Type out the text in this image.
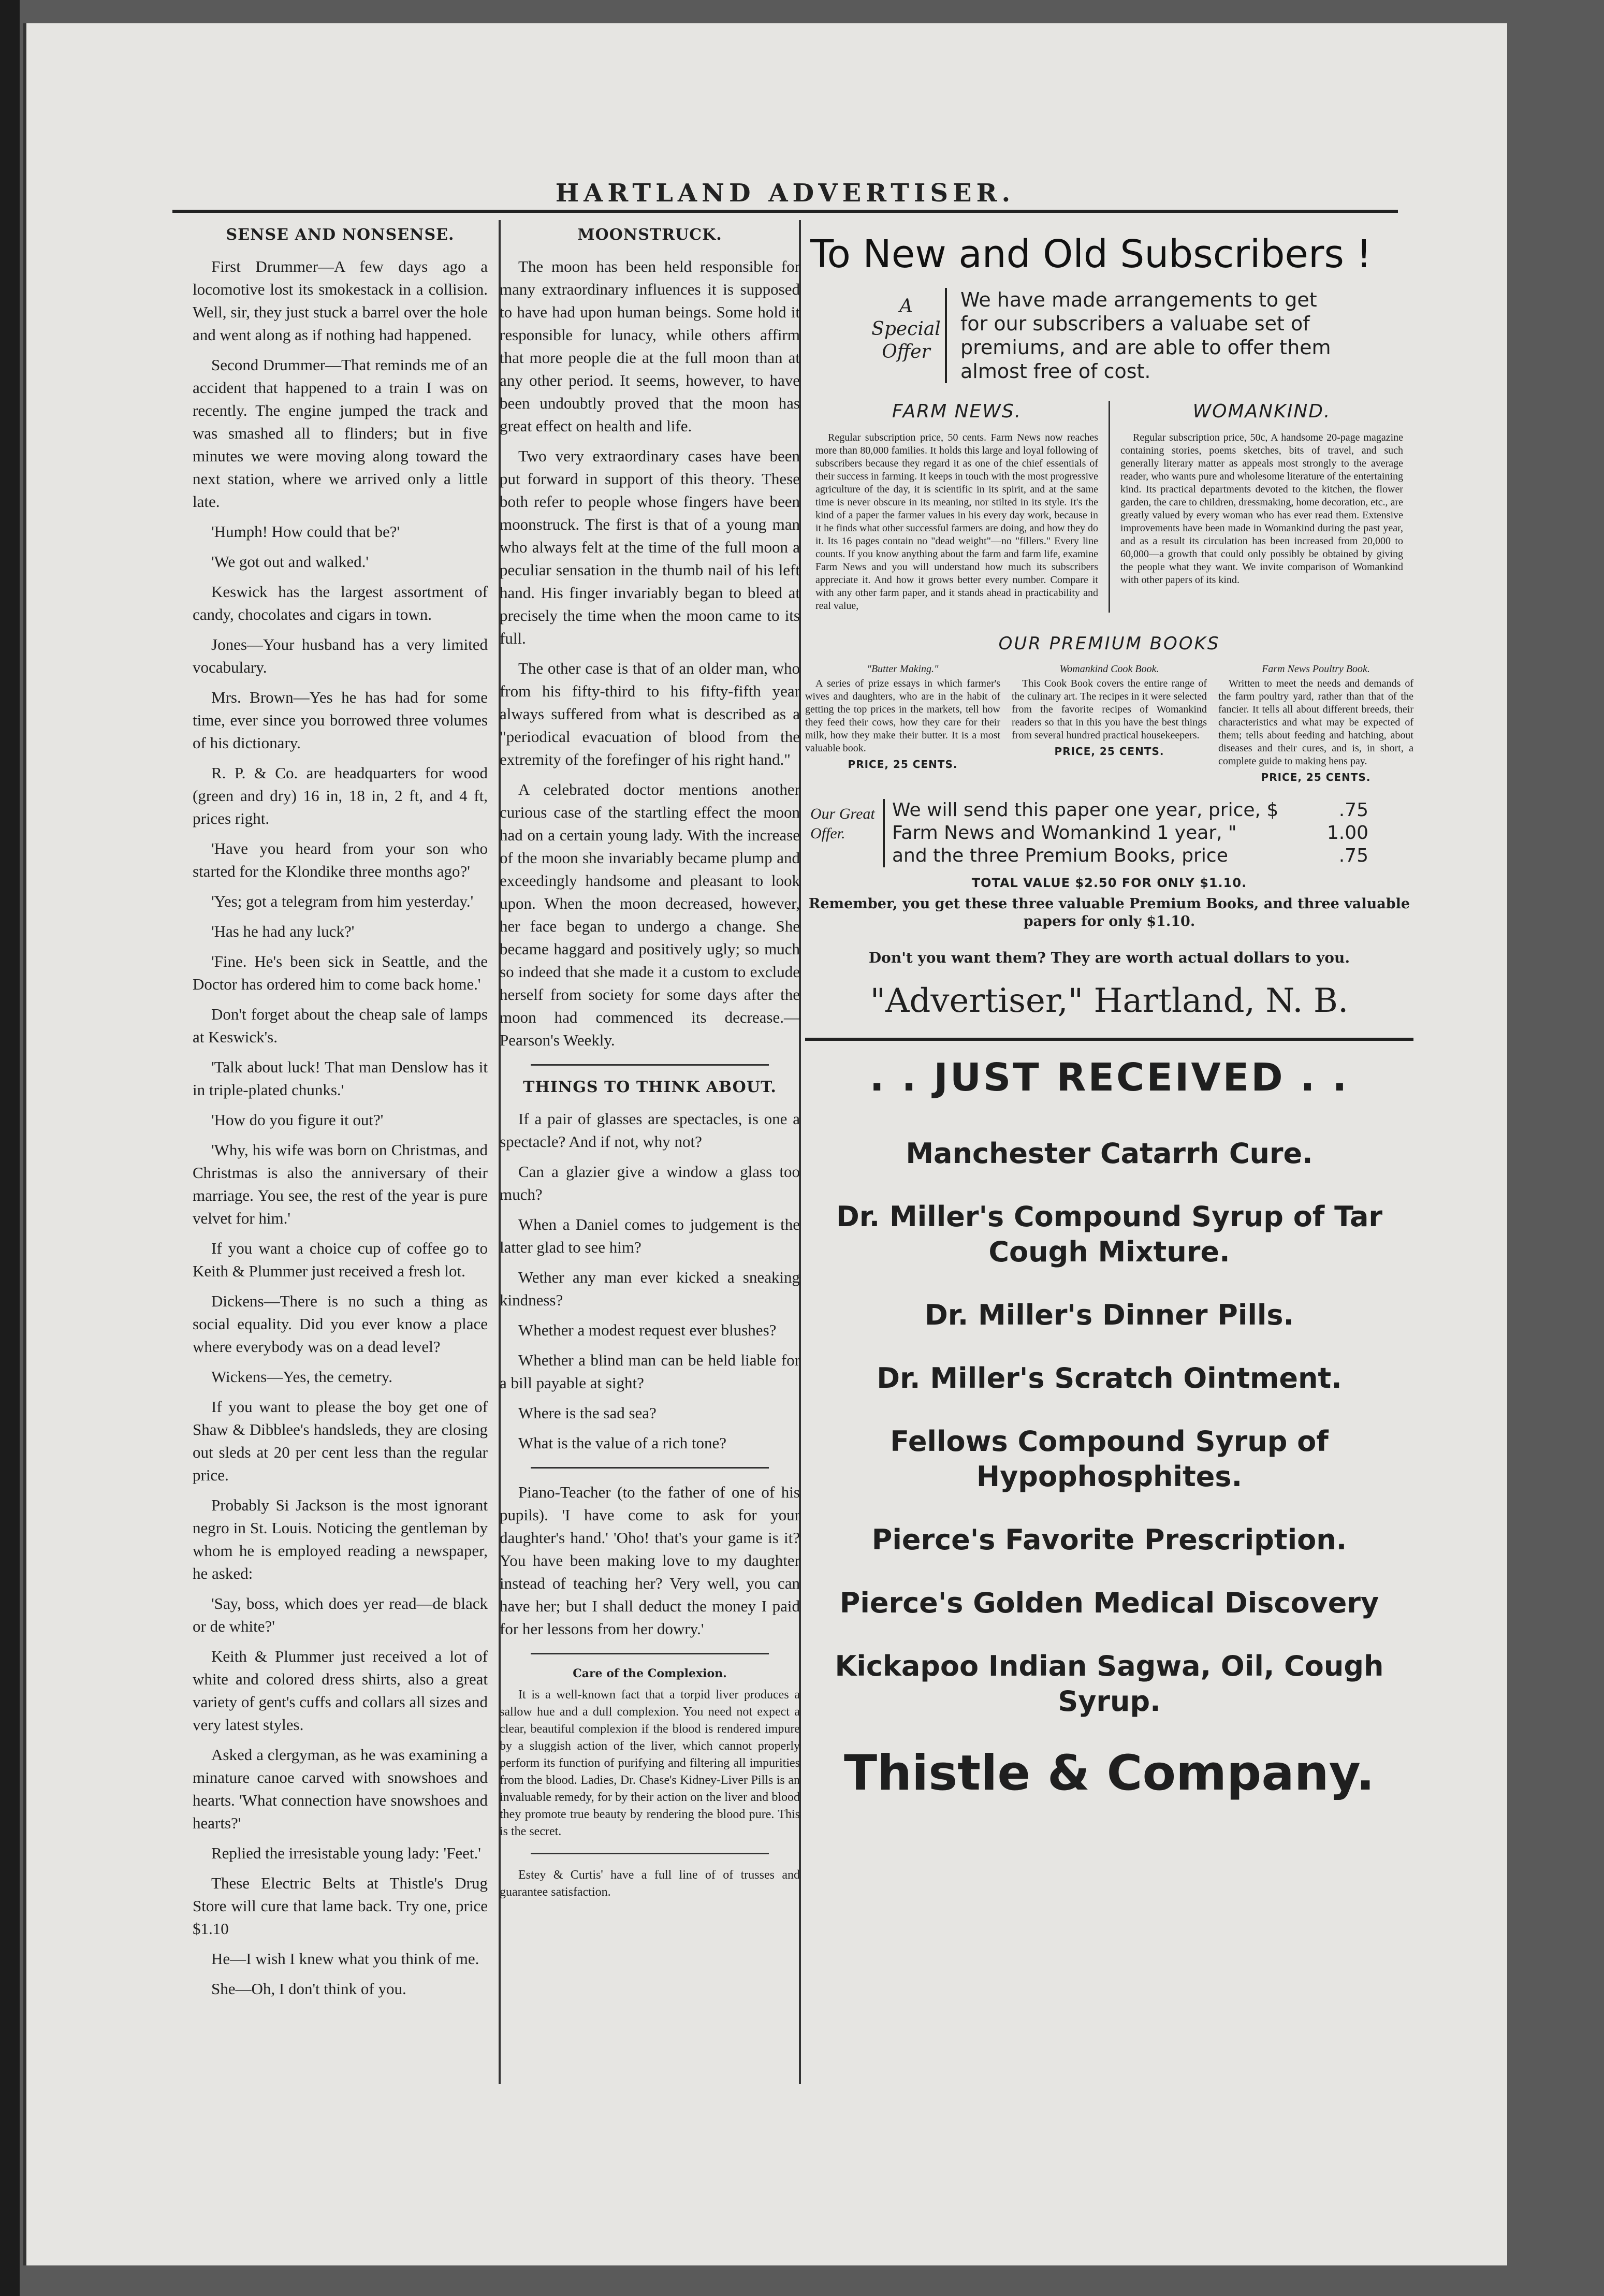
HARTLAND ADVERTISER.
SENSE AND NONSENSE.

First Drummer—A few days ago a locomotive lost its smokestack in a collision. Well, sir, they just stuck a barrel over the hole and went along as if nothing had happened.

Second Drummer—That reminds me of an accident that happened to a train I was on recently. The engine jumped the track and was smashed all to flinders; but in five minutes we were moving along toward the next station, where we arrived only a little late.

'Humph! How could that be?'

'We got out and walked.'

Keswick has the largest assortment of candy, chocolates and cigars in town.

Jones—Your husband has a very limited vocabulary.

Mrs. Brown—Yes he has had for some time, ever since you borrowed three volumes of his dictionary.

R. P. & Co. are headquarters for wood (green and dry) 16 in, 18 in, 2 ft, and 4 ft, prices right.

'Have you heard from your son who started for the Klondike three months ago?'

'Yes; got a telegram from him yesterday.'

'Has he had any luck?'

'Fine. He's been sick in Seattle, and the Doctor has ordered him to come back home.'

Don't forget about the cheap sale of lamps at Keswick's.

'Talk about luck! That man Denslow has it in triple-plated chunks.'

'How do you figure it out?'

'Why, his wife was born on Christmas, and Christmas is also the anniversary of their marriage. You see, the rest of the year is pure velvet for him.'

If you want a choice cup of coffee go to Keith & Plummer just received a fresh lot.

Dickens—There is no such a thing as social equality. Did you ever know a place where everybody was on a dead level?

Wickens—Yes, the cemetry.

If you want to please the boy get one of Shaw & Dibblee's handsleds, they are closing out sleds at 20 per cent less than the regular price.

Probably Si Jackson is the most ignorant negro in St. Louis. Noticing the gentleman by whom he is employed reading a newspaper, he asked:

'Say, boss, which does yer read—de black or de white?'

Keith & Plummer just received a lot of white and colored dress shirts, also a great variety of gent's cuffs and collars all sizes and very latest styles.

Asked a clergyman, as he was examining a minature canoe carved with snowshoes and hearts. 'What connection have snowshoes and hearts?'

Replied the irresistable young lady: 'Feet.'

These Electric Belts at Thistle's Drug Store will cure that lame back. Try one, price $1.10

He—I wish I knew what you think of me.

She—Oh, I don't think of you.

MOONSTRUCK.

The moon has been held responsible for many extraordinary influences it is supposed to have had upon human beings. Some hold it responsible for lunacy, while others affirm that more people die at the full moon than at any other period. It seems, however, to have been undoubtly proved that the moon has great effect on health and life.

Two very extraordinary cases have been put forward in support of this theory. These both refer to people whose fingers have been moonstruck. The first is that of a young man who always felt at the time of the full moon a peculiar sensation in the thumb nail of his left hand. His finger invariably began to bleed at precisely the time when the moon came to its full.

The other case is that of an older man, who from his fifty-third to his fifty-fifth year always suffered from what is described as a "periodical evacuation of blood from the extremity of the forefinger of his right hand."

A celebrated doctor mentions another curious case of the startling effect the moon had on a certain young lady. With the increase of the moon she invariably became plump and exceedingly handsome and pleasant to look upon. When the moon decreased, however, her face began to undergo a change. She became haggard and positively ugly; so much so indeed that she made it a custom to exclude herself from society for some days after the moon had commenced its decrease.—Pearson's Weekly.

THINGS TO THINK ABOUT.

If a pair of glasses are spectacles, is one a spectacle? And if not, why not?

Can a glazier give a window a glass too much?

When a Daniel comes to judgement is the latter glad to see him?

Wether any man ever kicked a sneaking kindness?

Whether a modest request ever blushes?

Whether a blind man can be held liable for a bill payable at sight?

Where is the sad sea?

What is the value of a rich tone?

Piano-Teacher (to the father of one of his pupils). 'I have come to ask for your daughter's hand.' 'Oho! that's your game is it? You have been making love to my daughter instead of teaching her? Very well, you can have her; but I shall deduct the money I paid for her lessons from her dowry.'

Care of the Complexion.

It is a well-known fact that a torpid liver produces a sallow hue and a dull complexion. You need not expect a clear, beautiful complexion if the blood is rendered impure by a sluggish action of the liver, which cannot properly perform its function of purifying and filtering all impurities from the blood. Ladies, Dr. Chase's Kidney-Liver Pills is an invaluable remedy, for by their action on the liver and blood they promote true beauty by rendering the blood pure. This is the secret.

Estey & Curtis' have a full line of of trusses and guarantee satisfaction.

To New and Old Subscribers !
A Special Offer
We have made arrangements to get for our subscribers a valuabe set of premiums, and are able to offer them almost free of cost.
FARM NEWS.
Regular subscription price, 50 cents. Farm News now reaches more than 80,000 families. It holds this large and loyal following of subscribers because they regard it as one of the chief essentials of their success in farming. It keeps in touch with the most progressive agriculture of the day, it is scientific in its spirit, and at the same time is never obscure in its meaning, nor stilted in its style. It's the kind of a paper the farmer values in his every day work, because in it he finds what other successful farmers are doing, and how they do it. Its 16 pages contain no "dead weight"—no "fillers." Every line counts. If you know anything about the farm and farm life, examine Farm News and you will understand how much its subscribers appreciate it. And how it grows better every number. Compare it with any other farm paper, and it stands ahead in practicability and real value,
WOMANKIND.
Regular subscription price, 50c, A handsome 20-page magazine containing stories, poems sketches, bits of travel, and such generally literary matter as appeals most strongly to the average reader, who wants pure and wholesome literature of the entertaining kind. Its practical departments devoted to the kitchen, the flower garden, the care to children, dressmaking, home decoration, etc., are greatly valued by every woman who has ever read them. Extensive improvements have been made in Womankind during the past year, and as a result its circulation has been increased from 20,000 to 60,000—a growth that could only possibly be obtained by giving the people what they want. We invite comparison of Womankind with other papers of its kind.
OUR PREMIUM BOOKS
"Butter Making."
A series of prize essays in which farmer's wives and daughters, who are in the habit of getting the top prices in the markets, tell how they feed their cows, how they care for their milk, how they make their butter. It is a most valuable book.
PRICE, 25 CENTS.
Womankind Cook Book.
This Cook Book covers the entire range of the culinary art. The recipes in it were selected from the favorite recipes of Womankind readers so that in this you have the best things from several hundred practical housekeepers.
PRICE, 25 CENTS.
Farm News Poultry Book.
Written to meet the needs and demands of the farm poultry yard, rather than that of the fancier. It tells all about different breeds, their characteristics and what may be expected of them; tells about feeding and hatching, about diseases and their cures, and is, in short, a complete guide to making hens pay.
PRICE, 25 CENTS.
Our Great Offer.
We will send this paper one year, price, $	.75
Farm News and Womankind 1 year, "	1.00
and the three Premium Books, price	.75
TOTAL VALUE $2.50 FOR ONLY $1.10.
Remember, you get these three valuable Premium Books, and three valuable papers for only $1.10.
Don't you want them? They are worth actual dollars to you.
"Advertiser," Hartland, N. B.
. . JUST RECEIVED . .

Manchester Catarrh Cure.

Dr. Miller's Compound Syrup of Tar Cough Mixture.

Dr. Miller's Dinner Pills.

Dr. Miller's Scratch Ointment.

Fellows Compound Syrup of Hypophosphites.

Pierce's Favorite Prescription.

Pierce's Golden Medical Discovery

Kickapoo Indian Sagwa, Oil, Cough Syrup.

Thistle & Company.
